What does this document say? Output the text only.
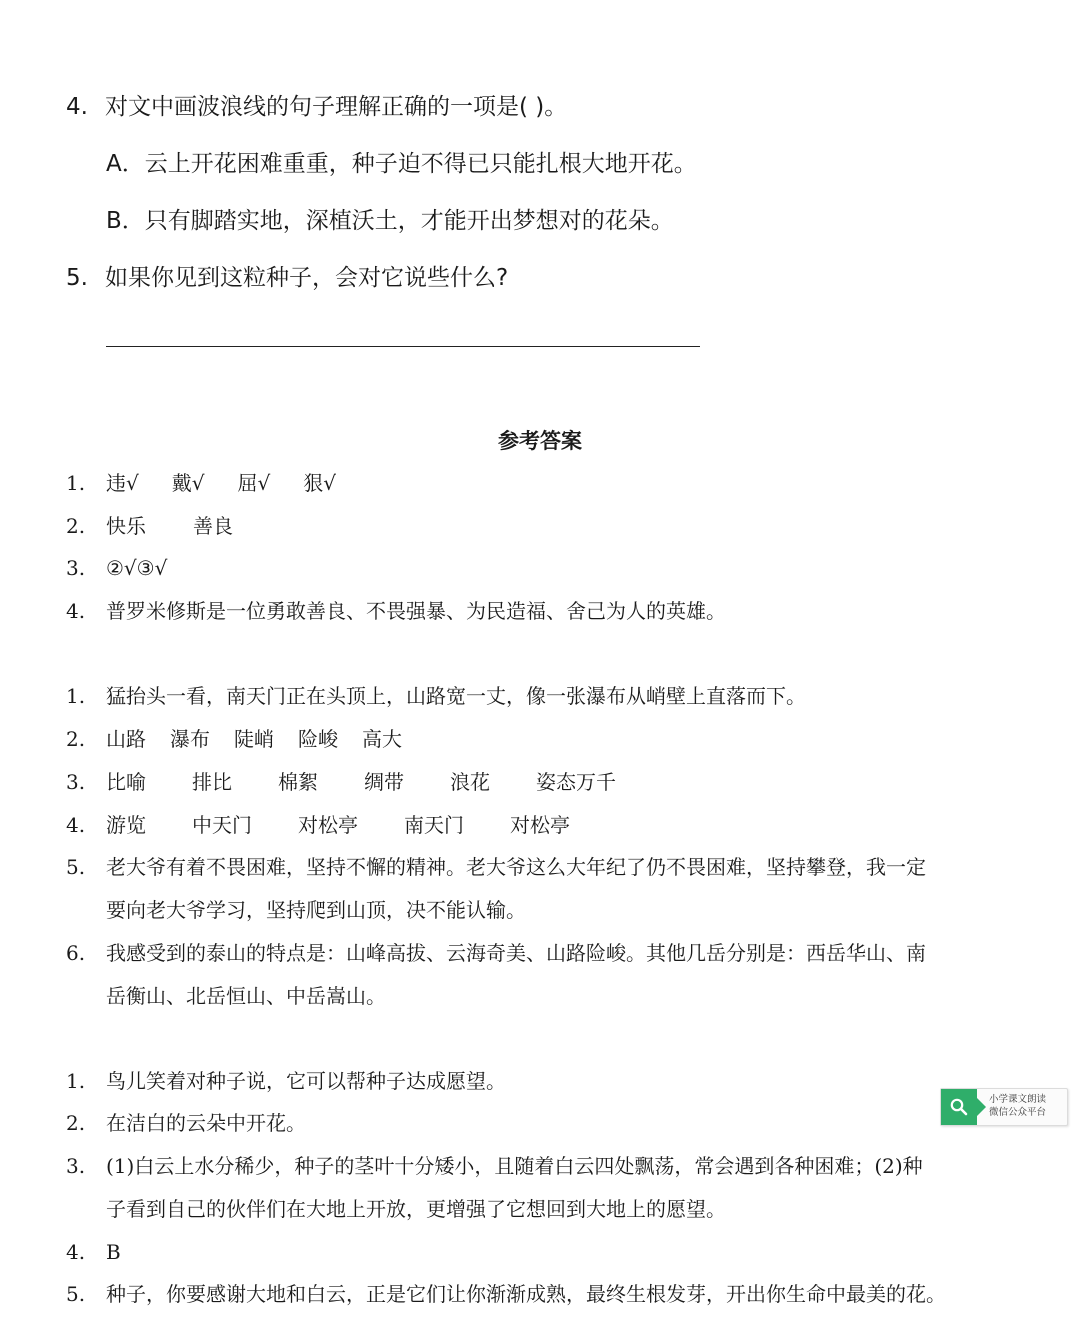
4. 对文中画波浪线的句子理解正确的一项是( )。
A．云上开花困难重重，种子迫不得已只能扎根大地开花。
B．只有脚踏实地，深植沃土，才能开出梦想对的花朵。
5. 如果你见到这粒种子，会对它说些什么?
参考答案
1. 违√ 戴√ 屈√ 狠√
2. 快乐 善良
3. ②√③√
4. 普罗米修斯是一位勇敢善良、不畏强暴、为民造福、舍己为人的英雄。
1. 猛抬头一看，南天门正在头顶上，山路宽一丈，像一张瀑布从峭壁上直落而下。
2. 山路 瀑布 陡峭 险峻 高大
3. 比喻 排比 棉絮 绸带 浪花 姿态万千
4. 游览 中天门 对松亭 南天门 对松亭
5. 老大爷有着不畏困难，坚持不懈的精神。老大爷这么大年纪了仍不畏困难，坚持攀登，我一定
要向老大爷学习，坚持爬到山顶，决不能认输。
6. 我感受到的泰山的特点是：山峰高拔、云海奇美、山路险峻。其他几岳分别是：西岳华山、南
岳衡山、北岳恒山、中岳嵩山。
1. 鸟儿笑着对种子说，它可以帮种子达成愿望。
2. 在洁白的云朵中开花。
3. (1)白云上水分稀少，种子的茎叶十分矮小，且随着白云四处飘荡，常会遇到各种困难；(2)种
子看到自己的伙伴们在大地上开放，更增强了它想回到大地上的愿望。
4. B
5. 种子，你要感谢大地和白云，正是它们让你渐渐成熟，最终生根发芽，开出你生命中最美的花。
小学课文朗读
微信公众平台
